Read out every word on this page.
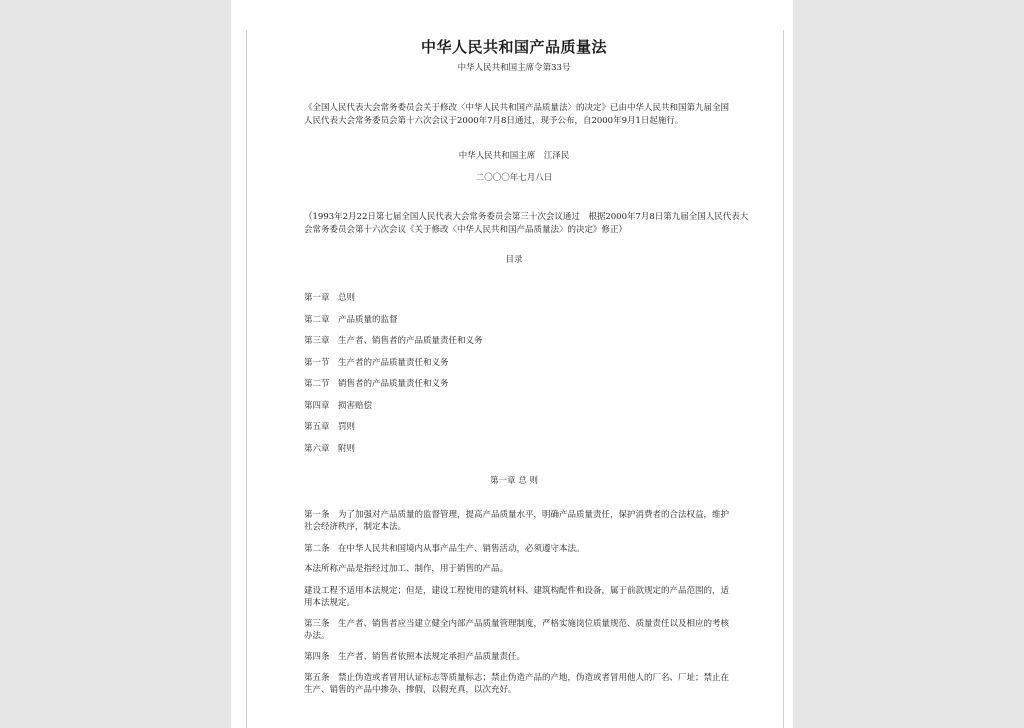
中华人民共和国产品质量法
中华人民共和国主席令第33号
《全国人民代表大会常务委员会关于修改〈中华人民共和国产品质量法〉的决定》已由中华人民共和国第九届全国
人民代表大会常务委员会第十六次会议于2000年7月8日通过，现予公布，自2000年9月1日起施行。
中华人民共和国主席　江泽民
二〇〇〇年七月八日
（1993年2月22日第七届全国人民代表大会常务委员会第三十次会议通过　根据2000年7月8日第九届全国人民代表大
会常务委员会第十六次会议《关于修改〈中华人民共和国产品质量法〉的决定》修正）
目录
第一章　总则
第二章　产品质量的监督
第三章　生产者、销售者的产品质量责任和义务
第一节　生产者的产品质量责任和义务
第二节　销售者的产品质量责任和义务
第四章　损害赔偿
第五章　罚则
第六章　附则
第一章 总 则
第一条　为了加强对产品质量的监督管理，提高产品质量水平，明确产品质量责任，保护消费者的合法权益，维护
社会经济秩序，制定本法。
第二条　在中华人民共和国境内从事产品生产、销售活动，必须遵守本法。
本法所称产品是指经过加工、制作，用于销售的产品。
建设工程不适用本法规定；但是，建设工程使用的建筑材料、建筑构配件和设备，属于前款规定的产品范围的，适
用本法规定。
第三条　生产者、销售者应当建立健全内部产品质量管理制度，严格实施岗位质量规范、质量责任以及相应的考核
办法。
第四条　生产者、销售者依照本法规定承担产品质量责任。
第五条　禁止伪造或者冒用认证标志等质量标志；禁止伪造产品的产地，伪造或者冒用他人的厂名、厂址；禁止在
生产、销售的产品中掺杂、掺假，以假充真，以次充好。
